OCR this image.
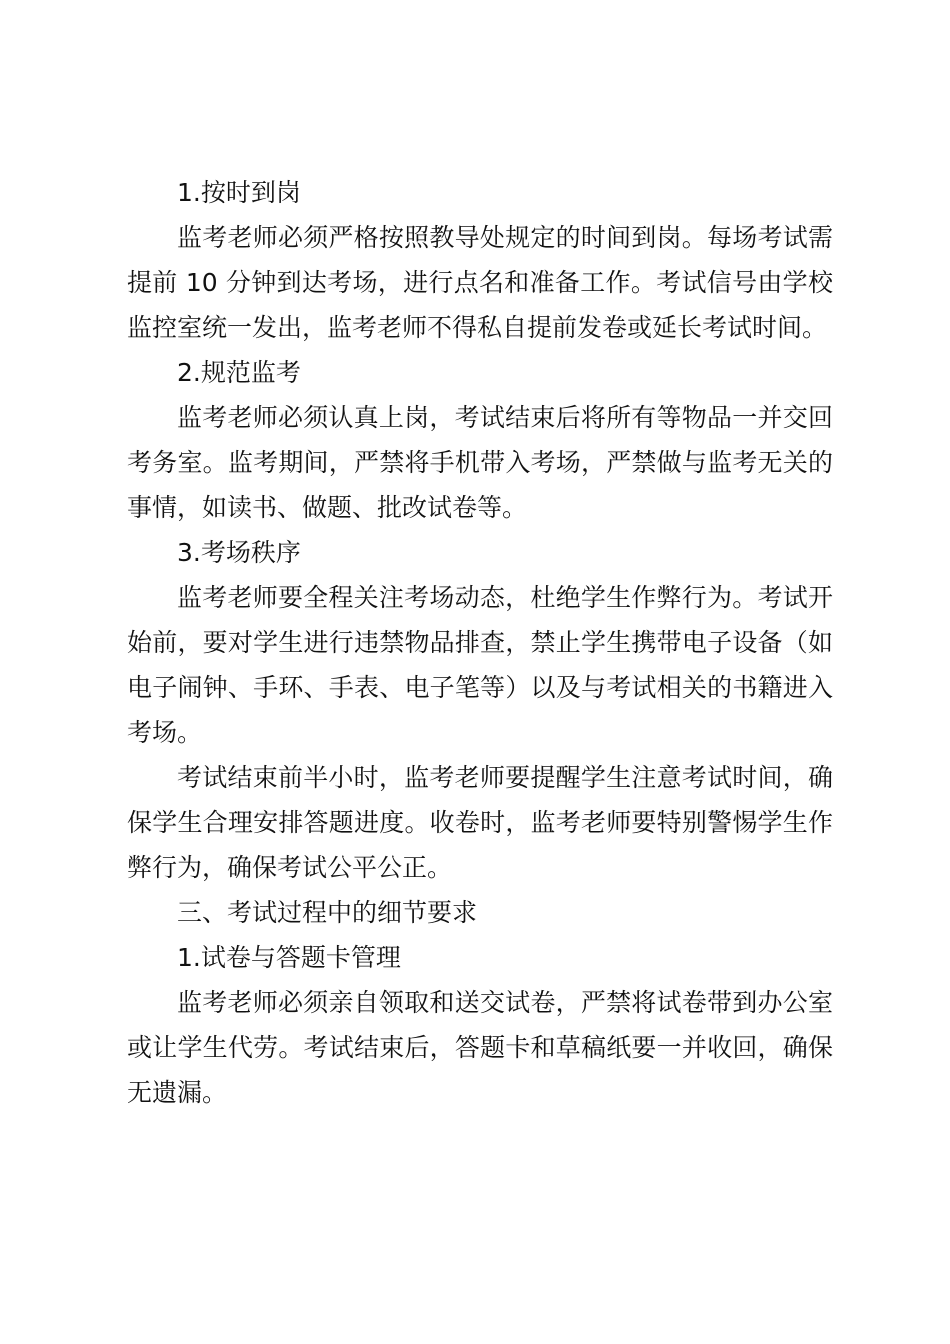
1.按时到岗

监考老师必须严格按照教导处规定的时间到岗。每场考试需提前 10 分钟到达考场，进行点名和准备工作。考试信号由学校监控室统一发出，监考老师不得私自提前发卷或延长考试时间。

2.规范监考

监考老师必须认真上岗，考试结束后将所有等物品一并交回考务室。监考期间，严禁将手机带入考场，严禁做与监考无关的事情，如读书、做题、批改试卷等。

3.考场秩序

监考老师要全程关注考场动态，杜绝学生作弊行为。考试开始前，要对学生进行违禁物品排查，禁止学生携带电子设备（如电子闹钟、手环、手表、电子笔等）以及与考试相关的书籍进入考场。

考试结束前半小时，监考老师要提醒学生注意考试时间，确保学生合理安排答题进度。收卷时，监考老师要特别警惕学生作弊行为，确保考试公平公正。

三、考试过程中的细节要求

1.试卷与答题卡管理

监考老师必须亲自领取和送交试卷，严禁将试卷带到办公室或让学生代劳。考试结束后，答题卡和草稿纸要一并收回，确保无遗漏。
